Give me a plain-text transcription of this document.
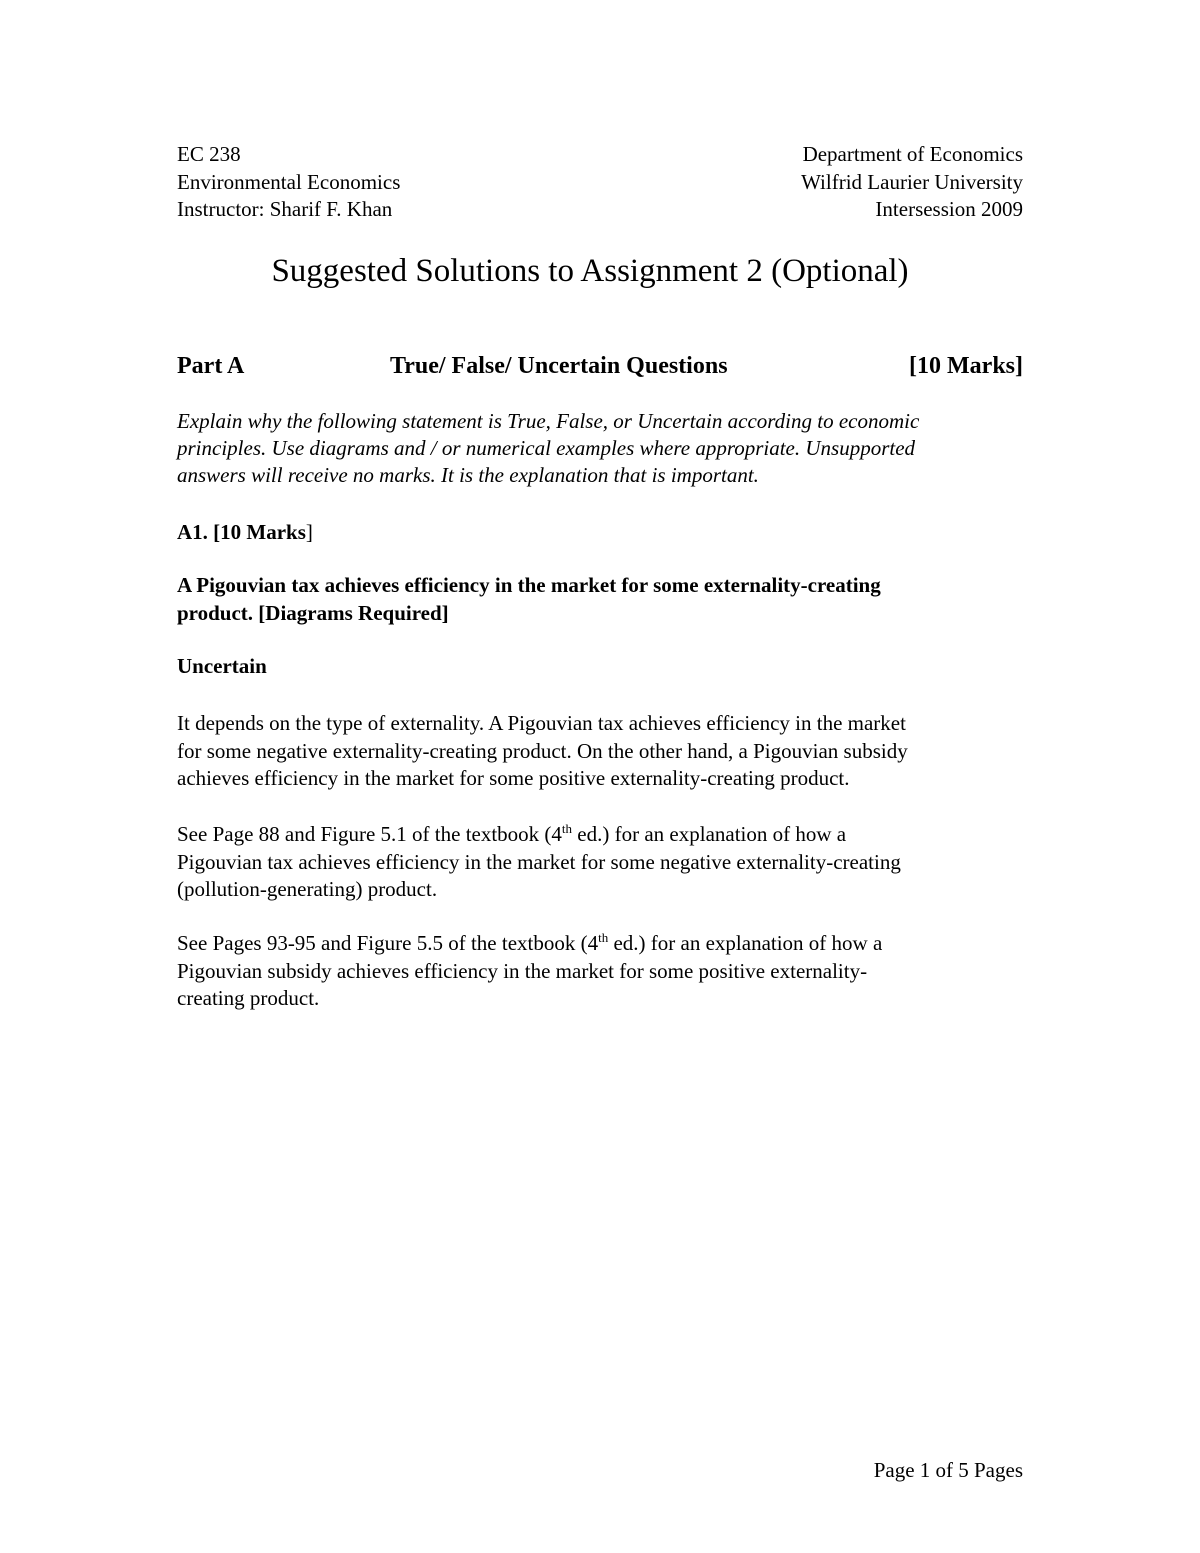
EC 238
Environmental Economics
Instructor: Sharif F. Khan
Department of Economics
Wilfrid Laurier University
Intersession 2009
Suggested Solutions to Assignment 2 (Optional)
Part A	True/ False/ Uncertain Questions	[10 Marks]
Explain why the following statement is True, False, or Uncertain according to economic
principles. Use diagrams and / or numerical examples where appropriate. Unsupported
answers will receive no marks. It is the explanation that is important.
A1. [10 Marks]
A Pigouvian tax achieves efficiency in the market for some externality-creating
product. [Diagrams Required]
Uncertain
It depends on the type of externality. A Pigouvian tax achieves efficiency in the market
for some negative externality-creating product. On the other hand, a Pigouvian subsidy
achieves efficiency in the market for some positive externality-creating product.
See Page 88 and Figure 5.1 of the textbook (4th ed.) for an explanation of how a
Pigouvian tax achieves efficiency in the market for some negative externality-creating
(pollution-generating) product.
See Pages 93-95 and Figure 5.5 of the textbook (4th ed.) for an explanation of how a
Pigouvian subsidy achieves efficiency in the market for some positive externality-
creating product.
Page 1 of 5 Pages
